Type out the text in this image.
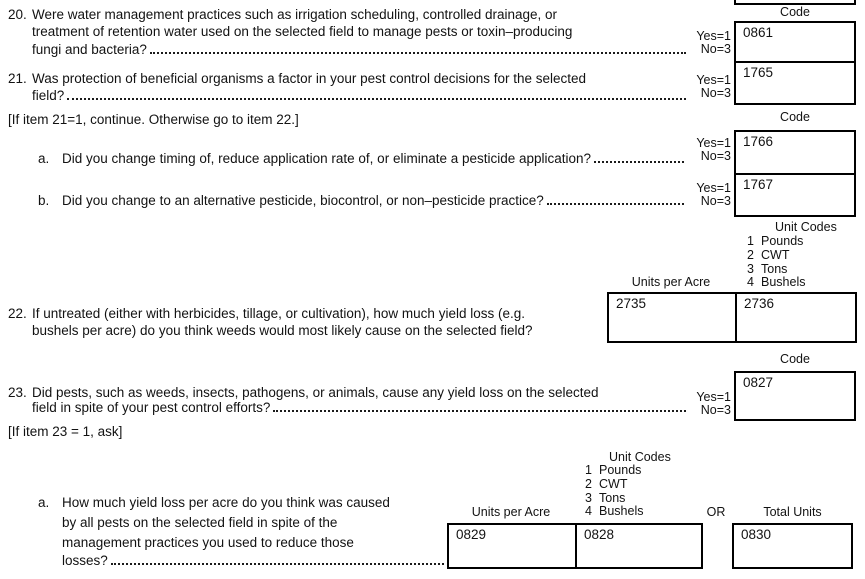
20. Were water management practices such as irrigation scheduling, controlled drainage, or
treatment of retention water used on the selected field to manage pests or toxin–producing
fungi and bacteria?
Yes=1
No=3
Code
0861
1765
21. Was protection of beneficial organisms a factor in your pest control decisions for the selected
field?
Yes=1
No=3
[If item 21=1, continue. Otherwise go to item 22.]	Code
1766
1767
a. Did you change timing of, reduce application rate of, or eliminate a pesticide application?
Yes=1
No=3
b. Did you change to an alternative pesticide, biocontrol, or non–pesticide practice?
Yes=1
No=3
Unit Codes
1 Pounds
2 CWT
3 Tons
4 Bushels
Units per Acre
22. If untreated (either with herbicides, tillage, or cultivation), how much yield loss (e.g.
bushels per acre) do you think weeds would most likely cause on the selected field?
2735	2736
Code
23. Did pests, such as weeds, insects, pathogens, or animals, cause any yield loss on the selected
field in spite of your pest control efforts?
Yes=1
No=3
0827
[If item 23 = 1, ask]
Unit Codes
1 Pounds
2 CWT
3 Tons
4 Bushels
a. How much yield loss per acre do you think was caused
by all pests on the selected field in spite of the
management practices you used to reduce those
losses?
Units per Acre	OR	Total Units
0829	0828	0830
